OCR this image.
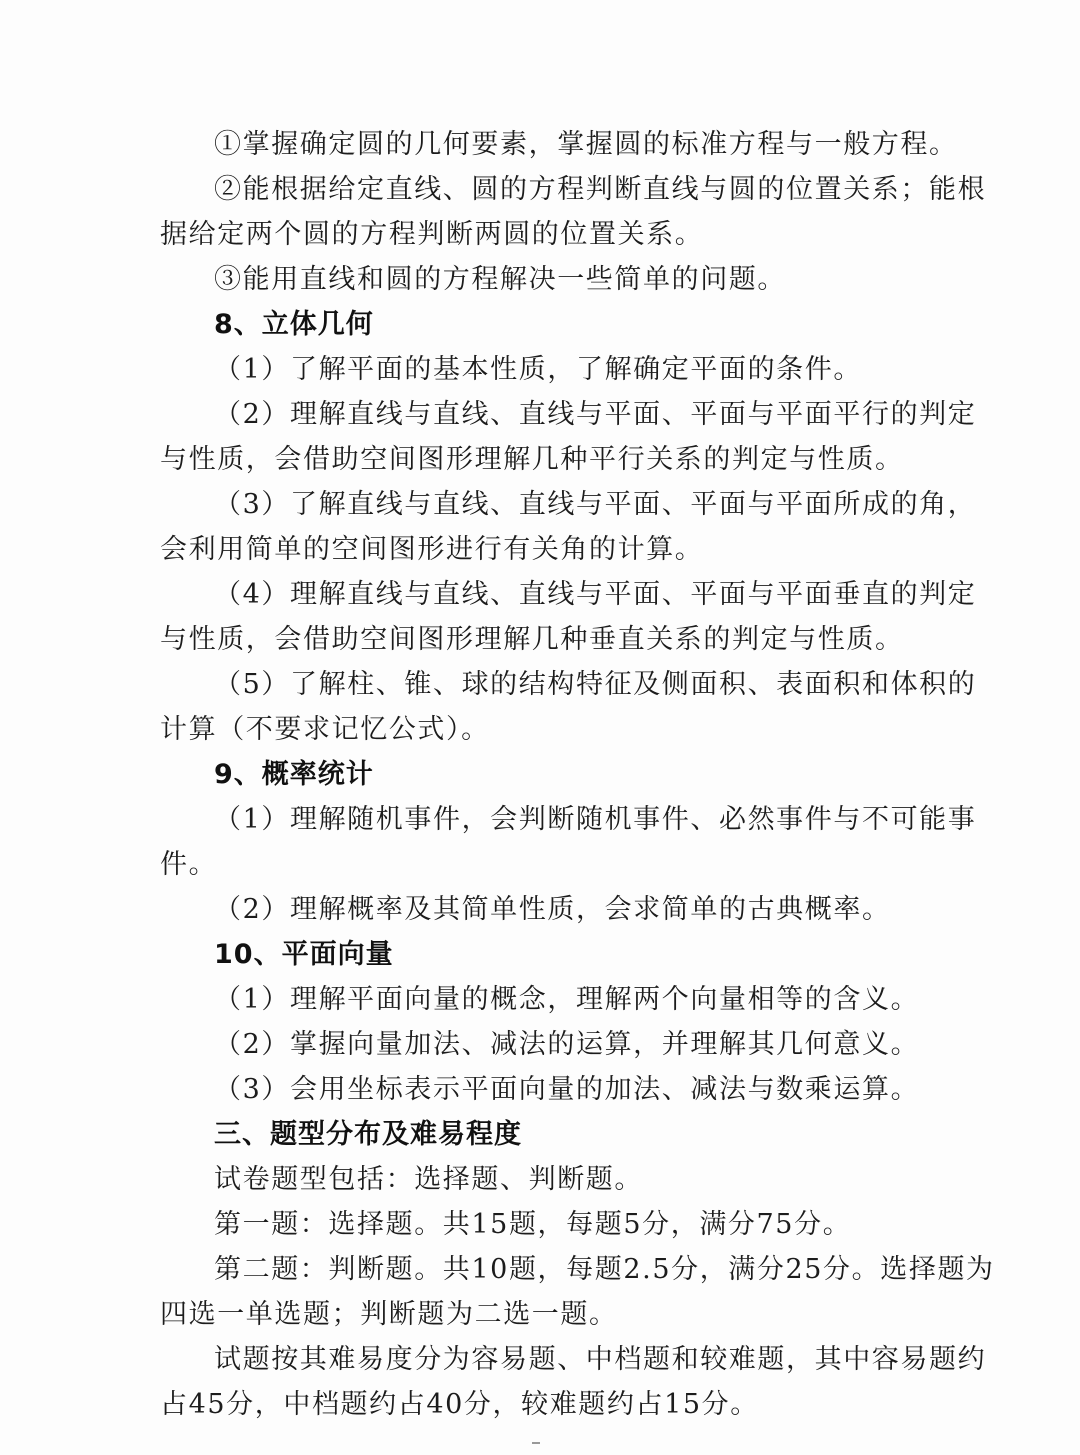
①掌握确定圆的几何要素，掌握圆的标准方程与一般方程。
②能根据给定直线、圆的方程判断直线与圆的位置关系；能根
据给定两个圆的方程判断两圆的位置关系。
③能用直线和圆的方程解决一些简单的问题。
8、立体几何
（1）了解平面的基本性质，了解确定平面的条件。
（2）理解直线与直线、直线与平面、平面与平面平行的判定
与性质，会借助空间图形理解几种平行关系的判定与性质。
（3）了解直线与直线、直线与平面、平面与平面所成的角，
会利用简单的空间图形进行有关角的计算。
（4）理解直线与直线、直线与平面、平面与平面垂直的判定
与性质，会借助空间图形理解几种垂直关系的判定与性质。
（5）了解柱、锥、球的结构特征及侧面积、表面积和体积的
计算（不要求记忆公式）。
9、概率统计
（1）理解随机事件，会判断随机事件、必然事件与不可能事
件。
（2）理解概率及其简单性质，会求简单的古典概率。
10、平面向量
（1）理解平面向量的概念，理解两个向量相等的含义。
（2）掌握向量加法、减法的运算，并理解其几何意义。
（3）会用坐标表示平面向量的加法、减法与数乘运算。
三、题型分布及难易程度
试卷题型包括：选择题、判断题。
第一题：选择题。共15题，每题5分，满分75分。
第二题：判断题。共10题，每题2.5分，满分25分。选择题为
四选一单选题；判断题为二选一题。
试题按其难易度分为容易题、中档题和较难题，其中容易题约
占45分，中档题约占40分，较难题约占15分。
